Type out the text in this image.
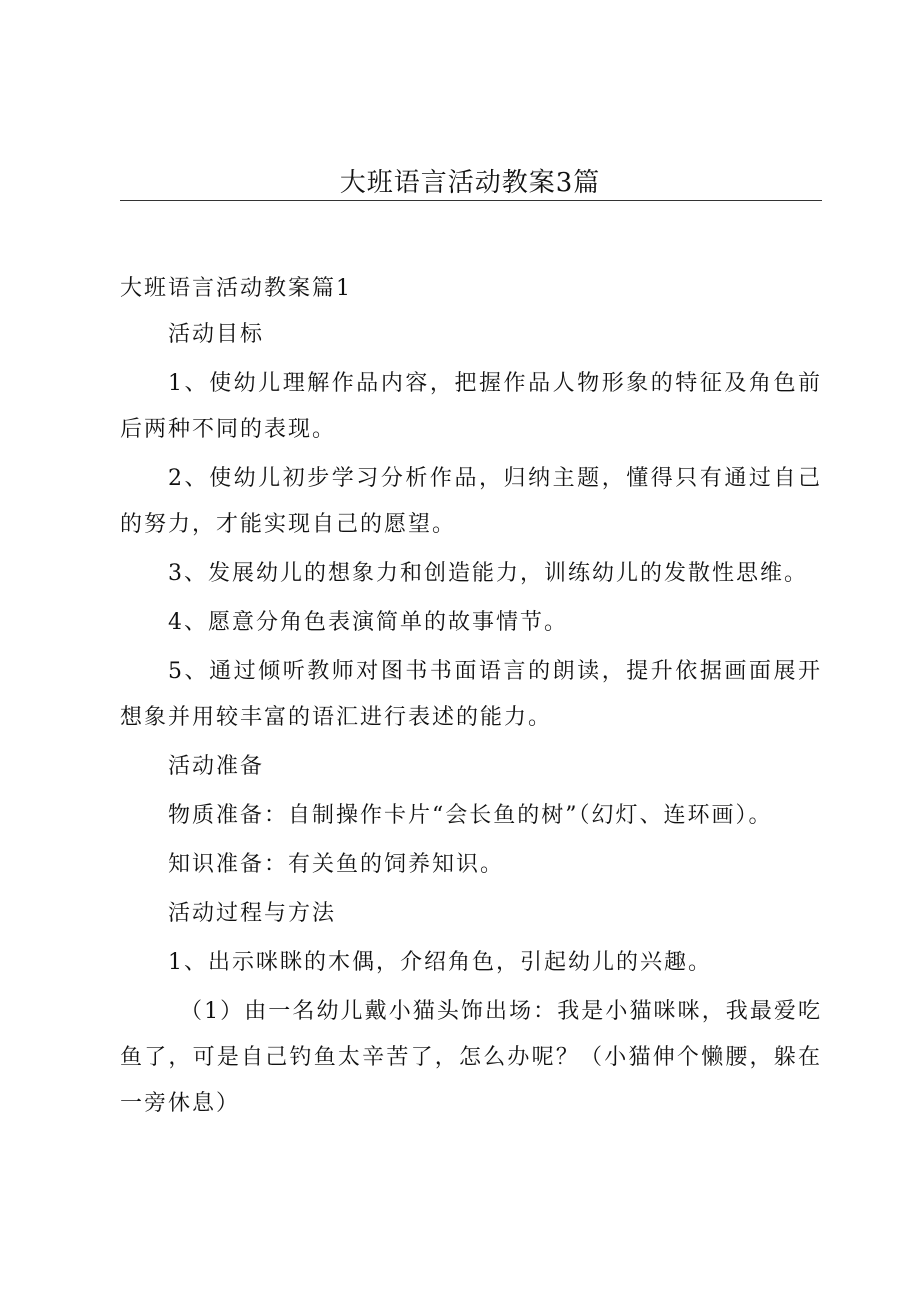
大班语言活动教案3篇

大班语言活动教案篇1

活动目标

1、使幼儿理解作品内容，把握作品人物形象的特征及角色前后两种不同的表现。

2、使幼儿初步学习分析作品，归纳主题，懂得只有通过自己的努力，才能实现自己的愿望。

3、发展幼儿的想象力和创造能力，训练幼儿的发散性思维。

4、愿意分角色表演简单的故事情节。

5、通过倾听教师对图书书面语言的朗读，提升依据画面展开想象并用较丰富的语汇进行表述的能力。

活动准备

物质准备：自制操作卡片“会长鱼的树”（幻灯、连环画）。

知识准备：有关鱼的饲养知识。

活动过程与方法

1、出示咪眯的木偶，介绍角色，引起幼儿的兴趣。

（1）由一名幼儿戴小猫头饰出场：我是小猫咪咪，我最爱吃鱼了，可是自己钓鱼太辛苦了，怎么办呢？（小猫伸个懒腰，躲在一旁休息）
